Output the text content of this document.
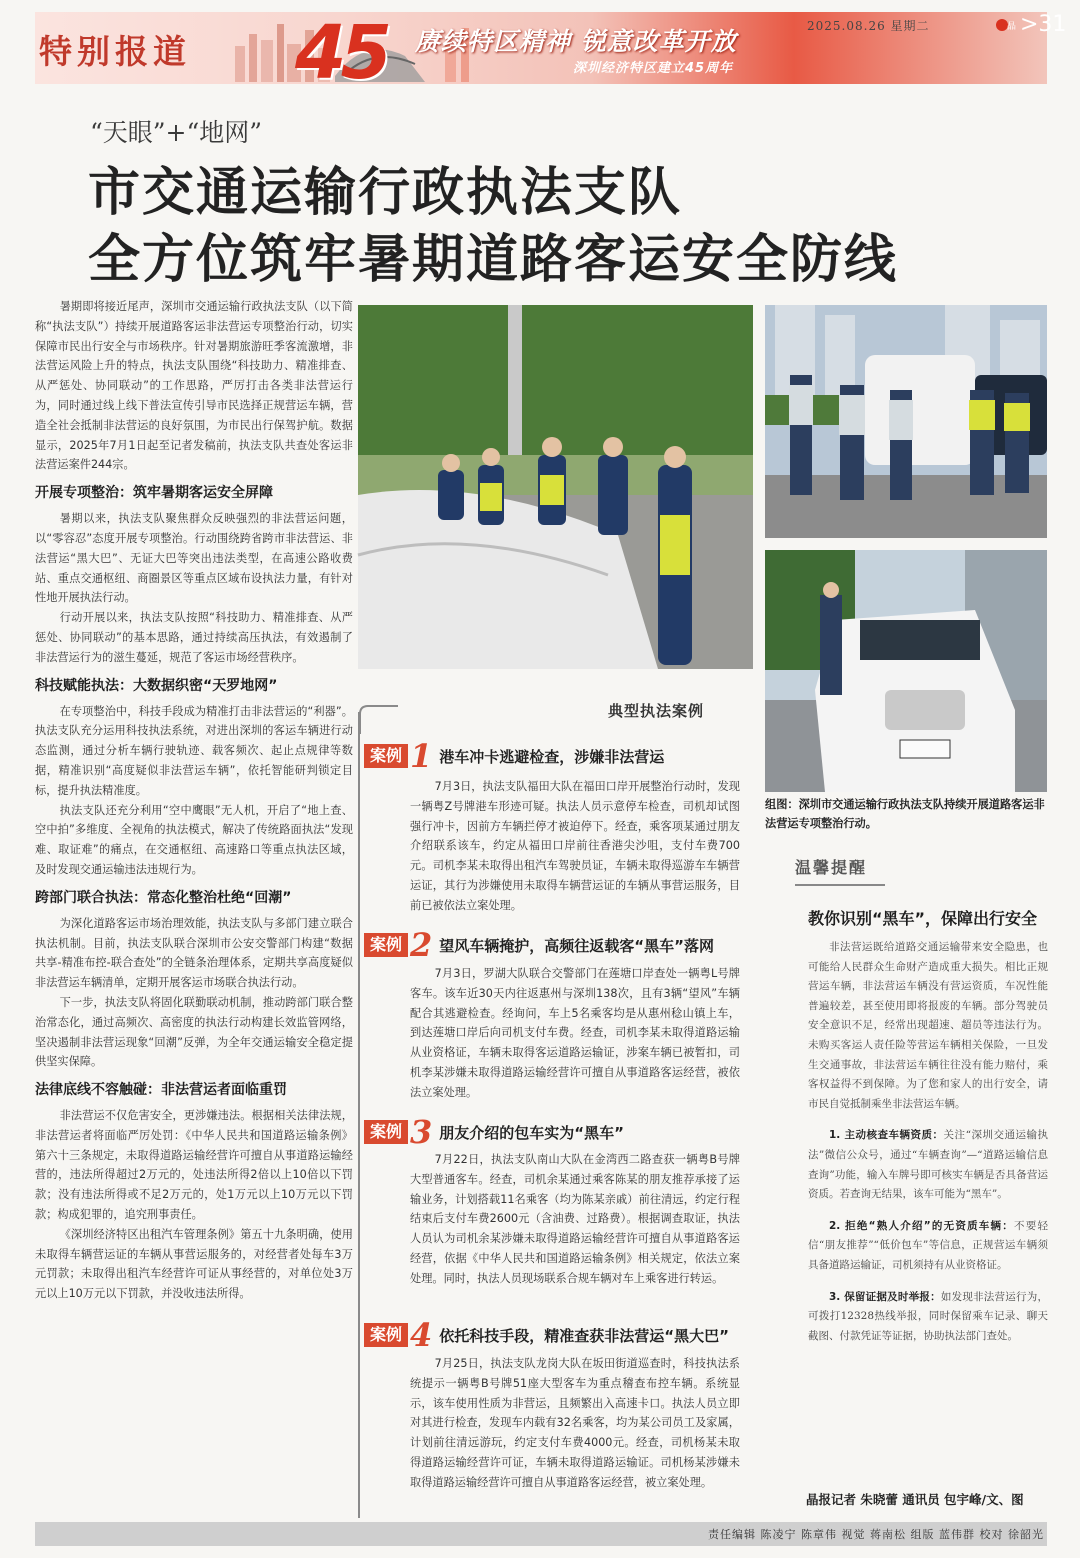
特别报道 45 赓续特区精神 锐意改革开放
深圳经济特区建立45周年
2025.08.26 星期二	晶 >31
“天眼”+“地网”
市交通运输行政执法支队
全方位筑牢暑期道路客运安全防线

暑期即将接近尾声，深圳市交通运输行政执法支队（以下简称“执法支队”）持续开展道路客运非法营运专项整治行动，切实保障市民出行安全与市场秩序。针对暑期旅游旺季客流激增，非法营运风险上升的特点，执法支队围绕“科技助力、精准排查、从严惩处、协同联动”的工作思路，严厉打击各类非法营运行为，同时通过线上线下普法宣传引导市民选择正规营运车辆，营造全社会抵制非法营运的良好氛围，为市民出行保驾护航。数据显示，2025年7月1日起至记者发稿前，执法支队共查处客运非法营运案件244宗。

开展专项整治：筑牢暑期客运安全屏障

暑期以来，执法支队聚焦群众反映强烈的非法营运问题，以“零容忍”态度开展专项整治。行动围绕跨省跨市非法营运、非法营运“黑大巴”、无证大巴等突出违法类型，在高速公路收费站、重点交通枢纽、商圈景区等重点区域布设执法力量，有针对性地开展执法行动。

行动开展以来，执法支队按照“科技助力、精准排查、从严惩处、协同联动”的基本思路，通过持续高压执法，有效遏制了非法营运行为的滋生蔓延，规范了客运市场经营秩序。

科技赋能执法：大数据织密“天罗地网”

在专项整治中，科技手段成为精准打击非法营运的“利器”。执法支队充分运用科技执法系统，对进出深圳的客运车辆进行动态监测，通过分析车辆行驶轨迹、载客频次、起止点规律等数据，精准识别“高度疑似非法营运车辆”，依托智能研判锁定目标，提升执法精准度。

执法支队还充分利用“空中鹰眼”无人机，开启了“地上查、空中拍”多维度、全视角的执法模式，解决了传统路面执法“发现难、取证难”的痛点，在交通枢纽、高速路口等重点执法区域，及时发现交通运输违法违规行为。

跨部门联合执法：常态化整治杜绝“回潮”

为深化道路客运市场治理效能，执法支队与多部门建立联合执法机制。目前，执法支队联合深圳市公安交警部门构建“数据共享-精准布控-联合查处”的全链条治理体系，定期共享高度疑似非法营运车辆清单，定期开展客运市场联合执法行动。

下一步，执法支队将固化联勤联动机制，推动跨部门联合整治常态化，通过高频次、高密度的执法行动构建长效监管网络，坚决遏制非法营运现象“回潮”反弹，为全年交通运输安全稳定提供坚实保障。

法律底线不容触碰：非法营运者面临重罚

非法营运不仅危害安全，更涉嫌违法。根据相关法律法规，非法营运者将面临严厉处罚：《中华人民共和国道路运输条例》第六十三条规定，未取得道路运输经营许可擅自从事道路运输经营的，违法所得超过2万元的，处违法所得2倍以上10倍以下罚款；没有违法所得或不足2万元的，处1万元以上10万元以下罚款；构成犯罪的，追究刑事责任。

《深圳经济特区出租汽车管理条例》第五十九条明确，使用未取得车辆营运证的车辆从事营运服务的，对经营者处每车3万元罚款；未取得出租汽车经营许可证从事经营的，对单位处3万元以上10万元以下罚款，并没收违法所得。

组图：深圳市交通运输行政执法支队持续开展道路客运非法营运专项整治行动。
典型执法案例
案例 1 港车冲卡逃避检查，涉嫌非法营运

7月3日，执法支队福田大队在福田口岸开展整治行动时，发现一辆粤Z号牌港车形迹可疑。执法人员示意停车检查，司机却试图强行冲卡，因前方车辆拦停才被迫停下。经查，乘客项某通过朋友介绍联系该车，约定从福田口岸前往香港尖沙咀，支付车费700元。司机李某未取得出租汽车驾驶员证，车辆未取得巡游车车辆营运证，其行为涉嫌使用未取得车辆营运证的车辆从事营运服务，目前已被依法立案处理。

案例 2 望风车辆掩护，高频往返载客“黑车”落网

7月3日，罗湖大队联合交警部门在莲塘口岸查处一辆粤L号牌客车。该车近30天内往返惠州与深圳138次，且有3辆“望风”车辆配合其逃避检查。经询问，车上5名乘客均是从惠州稔山镇上车，到达莲塘口岸后向司机支付车费。经查，司机李某未取得道路运输从业资格证，车辆未取得客运道路运输证，涉案车辆已被暂扣，司机李某涉嫌未取得道路运输经营许可擅自从事道路客运经营，被依法立案处理。

案例 3 朋友介绍的包车实为“黑车”

7月22日，执法支队南山大队在金湾西二路查获一辆粤B号牌大型普通客车。经查，司机余某通过乘客陈某的朋友推荐承接了运输业务，计划搭载11名乘客（均为陈某亲戚）前往清远，约定行程结束后支付车费2600元（含油费、过路费）。根据调查取证，执法人员认为司机余某涉嫌未取得道路运输经营许可擅自从事道路客运经营，依据《中华人民共和国道路运输条例》相关规定，依法立案处理。同时，执法人员现场联系合规车辆对车上乘客进行转运。

案例 4 依托科技手段，精准查获非法营运“黑大巴”

7月25日，执法支队龙岗大队在坂田街道巡查时，科技执法系统提示一辆粤B号牌51座大型客车为重点稽查布控车辆。系统显示，该车使用性质为非营运，且频繁出入高速卡口。执法人员立即对其进行检查，发现车内载有32名乘客，均为某公司员工及家属，计划前往清远游玩，约定支付车费4000元。经查，司机杨某未取得道路运输经营许可证，车辆未取得道路运输证。司机杨某涉嫌未取得道路运输经营许可擅自从事道路客运经营，被立案处理。

温馨提醒
教你识别“黑车”，保障出行安全

非法营运既给道路交通运输带来安全隐患，也可能给人民群众生命财产造成重大损失。相比正规营运车辆，非法营运车辆没有营运资质，车况性能普遍较差，甚至使用即将报废的车辆。部分驾驶员安全意识不足，经常出现超速、超员等违法行为。未购买客运人责任险等营运车辆相关保险，一旦发生交通事故，非法营运车辆往往没有能力赔付，乘客权益得不到保障。为了您和家人的出行安全，请市民自觉抵制乘坐非法营运车辆。

1. 主动核查车辆资质：关注“深圳交通运输执法”微信公众号，通过“车辆查询”—“道路运输信息查询”功能，输入车牌号即可核实车辆是否具备营运资质。若查询无结果，该车可能为“黑车”。

2. 拒绝“熟人介绍”的无资质车辆：不要轻信“朋友推荐”“低价包车”等信息，正规营运车辆须具备道路运输证，司机须持有从业资格证。

3. 保留证据及时举报：如发现非法营运行为，可拨打12328热线举报，同时保留乘车记录、聊天截图、付款凭证等证据，协助执法部门查处。

晶报记者 朱晓蕾 通讯员 包宇峰/文、图
责任编辑 陈凌宁 陈章伟 视觉 蒋南松 组版 蓝伟群 校对 徐韶光
